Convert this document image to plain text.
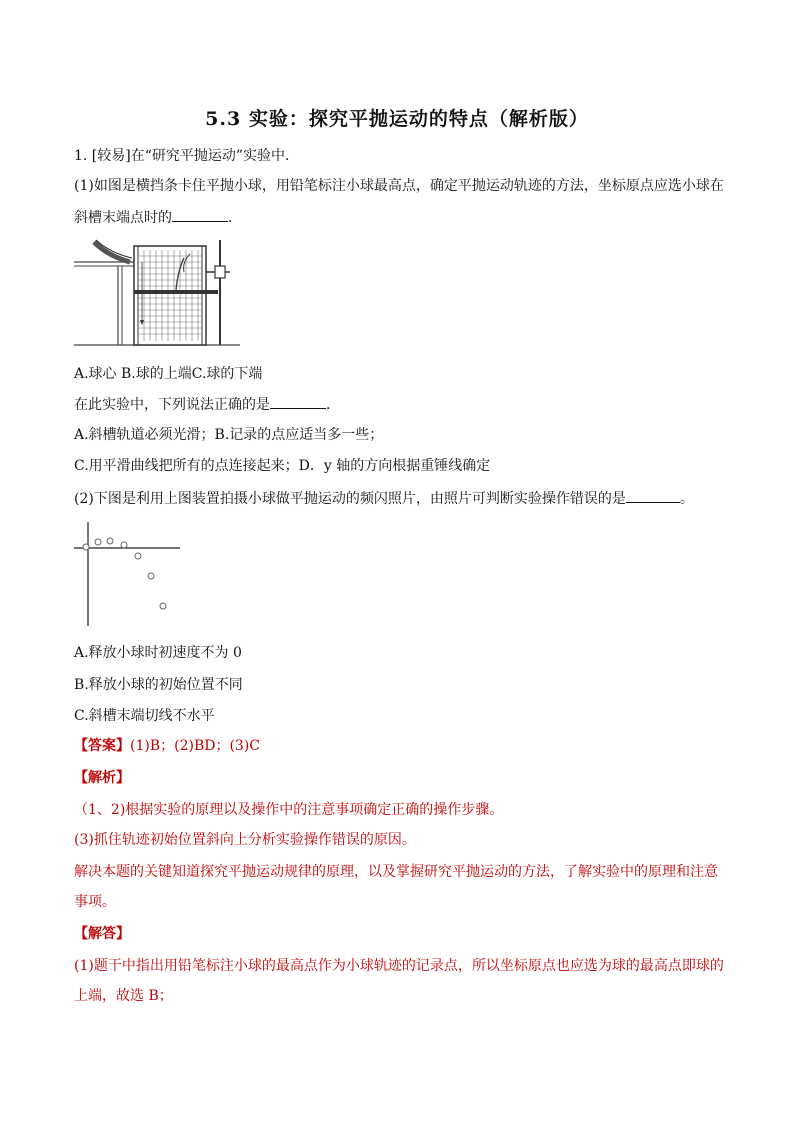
5.3 实验：探究平抛运动的特点（解析版）
1. [较易]在“研究平抛运动”实验中．
(1)如图是横挡条卡住平抛小球，用铅笔标注小球最高点，确定平抛运动轨迹的方法，坐标原点应选小球在
斜槽末端点时的	．
A.球心 B.球的上端C.球的下端
在此实验中，下列说法正确的是	．
A.斜槽轨道必须光滑；B.记录的点应适当多一些；
C.用平滑曲线把所有的点连接起来；D．y 轴的方向根据重锤线确定
(2)下图是利用上图装置拍摄小球做平抛运动的频闪照片，由照片可判断实验操作错误的是	。
A.释放小球时初速度不为 0
B.释放小球的初始位置不同
C.斜槽末端切线不水平
【答案】(1)B；(2)BD；(3)C
【解析】
（1、2)根据实验的原理以及操作中的注意事项确定正确的操作步骤。
(3)抓住轨迹初始位置斜向上分析实验操作错误的原因。
解决本题的关键知道探究平抛运动规律的原理，以及掌握研究平抛运动的方法，了解实验中的原理和注意
事项。
【解答】
(1)题干中指出用铅笔标注小球的最高点作为小球轨迹的记录点，所以坐标原点也应选为球的最高点即球的
上端，故选 B；
